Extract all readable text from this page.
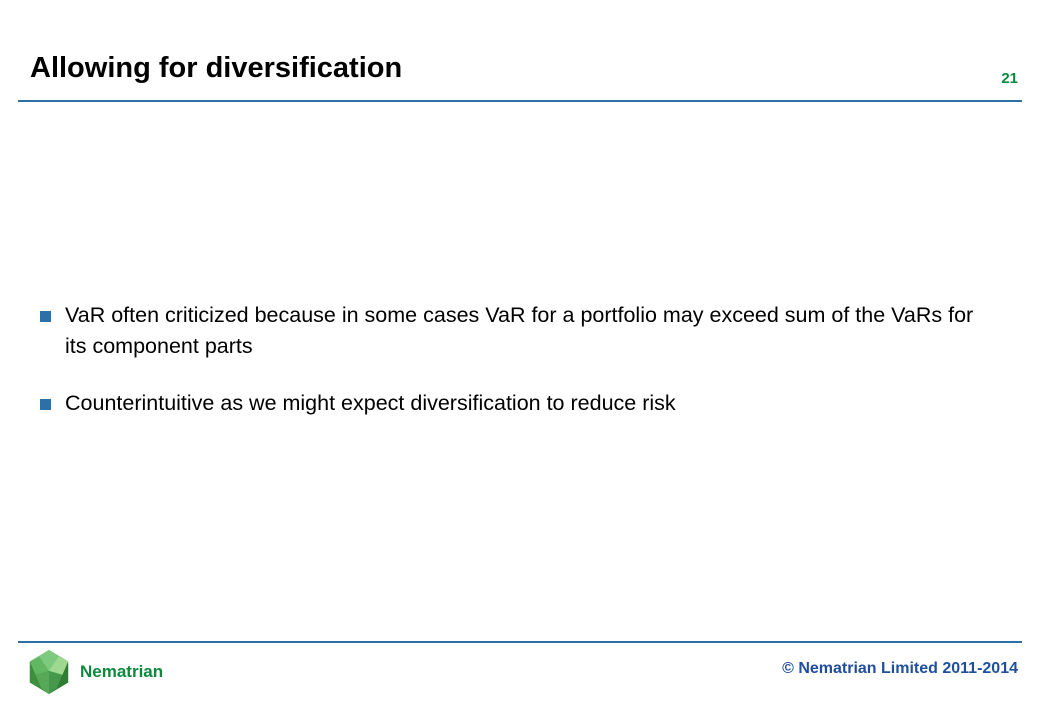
Allowing for diversification	21
VaR often criticized because in some cases VaR for a portfolio may exceed sum of the VaRs for its component parts
Counterintuitive as we might expect diversification to reduce risk
Nematrian	© Nematrian Limited 2011-2014
